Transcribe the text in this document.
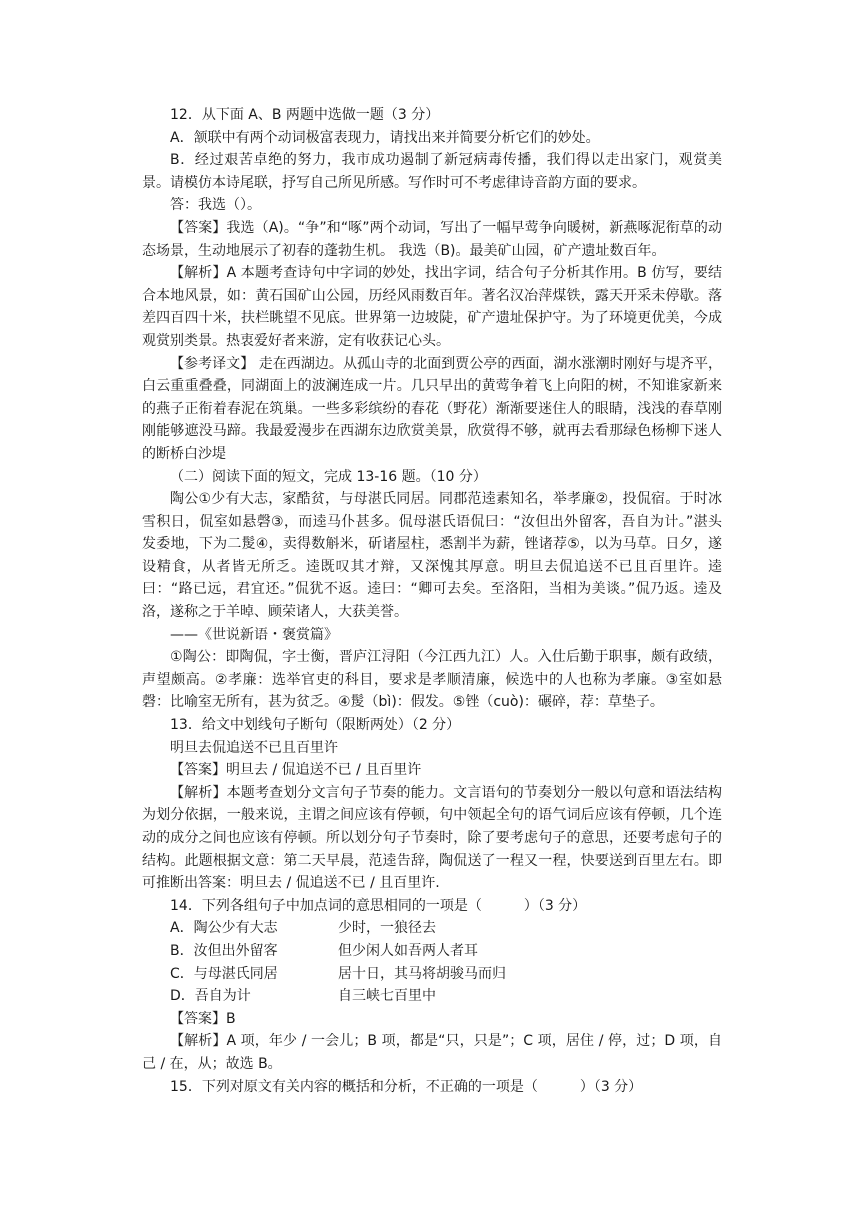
12．从下面 A、B 两题中选做一题（3 分）

A．颔联中有两个动词极富表现力，请找出来并简要分析它们的妙处。

B．经过艰苦卓绝的努力，我市成功遏制了新冠病毒传播，我们得以走出家门，观赏美景。请模仿本诗尾联，抒写自己所见所感。写作时可不考虑律诗音韵方面的要求。

答：我选（）。

【答案】我选（A)。“争”和“啄”两个动词，写出了一幅早莺争向暖树，新燕啄泥衔草的动态场景，生动地展示了初春的蓬勃生机。 我选（B)。最美矿山园，矿产遗址数百年。

【解析】A 本题考查诗句中字词的妙处，找出字词，结合句子分析其作用。B 仿写，要结合本地风景，如：黄石国矿山公园，历经风雨数百年。著名汉冶萍煤铁，露天开采未停歇。落差四百四十米，扶栏眺望不见底。世界第一边坡陡，矿产遗址保护守。为了环境更优美，今成观赏别类景。热衷爱好者来游，定有收获记心头。

【参考译文】 走在西湖边。从孤山寺的北面到贾公亭的西面，湖水涨潮时刚好与堤齐平，白云重重叠叠，同湖面上的波澜连成一片。几只早出的黄莺争着飞上向阳的树，不知谁家新来的燕子正衔着春泥在筑巢。一些多彩缤纷的春花（野花）渐渐要迷住人的眼睛，浅浅的春草刚刚能够遮没马蹄。我最爱漫步在西湖东边欣赏美景，欣赏得不够，就再去看那绿色杨柳下迷人的断桥白沙堤

（二）阅读下面的短文，完成 13-16 题。（10 分）

陶公①少有大志，家酷贫，与母湛氏同居。同郡范逵素知名，举孝廉②，投侃宿。于时冰雪积日，侃室如悬磬③，而逵马仆甚多。侃母湛氏语侃曰：“汝但出外留客，吾自为计。”湛头发委地，下为二髲④，卖得数斛米，斫诸屋柱，悉割半为薪，锉诸荐⑤，以为马草。日夕，遂设精食，从者皆无所乏。逵既叹其才辩，又深愧其厚意。明旦去侃追送不已且百里许。逵曰：“路已远，君宜还。”侃犹不返。逵曰：“卿可去矣。至洛阳，当相为美谈。”侃乃返。逵及洛，遂称之于羊晫、顾荣诸人，大获美誉。

——《世说新语・褒赏篇》

①陶公：即陶侃，字士衡，晋庐江浔阳（今江西九江）人。入仕后勤于职事，颇有政绩，声望颇高。②孝廉：选举官吏的科目，要求是孝顺清廉，候选中的人也称为孝廉。③室如悬磬：比喻室无所有，甚为贫乏。④髲（bì)：假发。⑤锉（cuò)：碾碎，荐：草垫子。

13．给文中划线句子断句（限断两处）（2 分）

明旦去侃追送不已且百里许

【答案】明旦去 / 侃追送不已 / 且百里许

【解析】本题考查划分文言句子节奏的能力。文言语句的节奏划分一般以句意和语法结构为划分依据，一般来说，主谓之间应该有停顿，句中领起全句的语气词后应该有停顿，几个连动的成分之间也应该有停顿。所以划分句子节奏时，除了要考虑句子的意思，还要考虑句子的结构。此题根据文意：第二天早晨，范逵告辞，陶侃送了一程又一程，快要送到百里左右。即可推断出答案：明旦去 / 侃追送不已 / 且百里许.

14．下列各组句子中加点词的意思相同的一项是（　　　）（3 分）

A．陶公少有大志	少时，一狼径去
B．汝但出外留客	但少闲人如吾两人者耳
C．与母湛氏同居	居十日，其马将胡骏马而归
D．吾自为计	自三峡七百里中

【答案】B

【解析】A 项，年少 / 一会儿；B 项，都是“只，只是”；C 项，居住 / 停，过；D 项，自己 / 在，从；故选 B。

15．下列对原文有关内容的概括和分析，不正确的一项是（　　　）（3 分）
